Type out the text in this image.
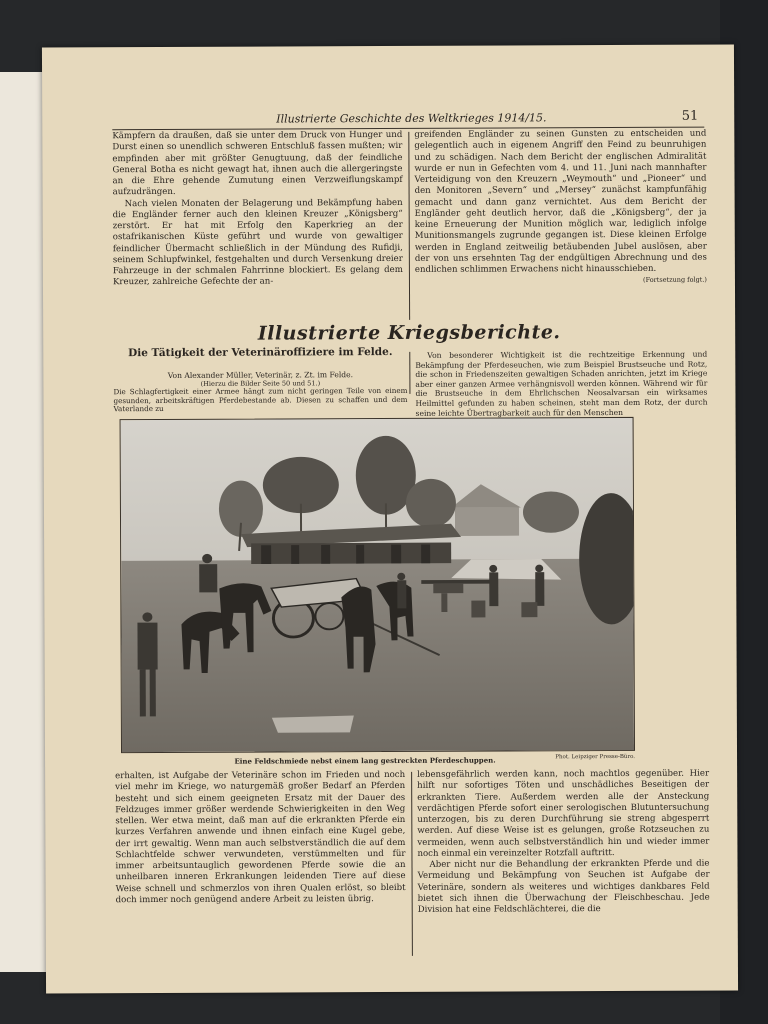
Illustrierte Geschichte des Weltkrieges 1914/15.	51

Kämpfern da draußen, daß sie unter dem Druck von Hunger und Durst einen so unendlich schweren Entschluß fassen mußten; wir empfinden aber mit größter Genugtuung, daß der feindliche General Botha es nicht gewagt hat, ihnen auch die allergeringste an die Ehre gehende Zumutung einen Verzweiflungskampf aufzudrängen.

Nach vielen Monaten der Belagerung und Bekämpfung haben die Engländer ferner auch den kleinen Kreuzer „Königsberg“ zerstört. Er hat mit Erfolg den Kaperkrieg an der ostafrikanischen Küste geführt und wurde von gewaltiger feindlicher Übermacht schließlich in der Mündung des Rufidji, seinem Schlupfwinkel, festgehalten und durch Versenkung dreier Fahrzeuge in der schmalen Fahrrinne blockiert. Es gelang dem Kreuzer, zahlreiche Gefechte der an-

greifenden Engländer zu seinen Gunsten zu entscheiden und gelegentlich auch in eigenem Angriff den Feind zu beunruhigen und zu schädigen. Nach dem Bericht der englischen Admiralität wurde er nun in Gefechten vom 4. und 11. Juni nach mannhafter Verteidigung von den Kreuzern „Weymouth“ und „Pioneer“ und den Monitoren „Severn“ und „Mersey“ zunächst kampfunfähig gemacht und dann ganz vernichtet. Aus dem Bericht der Engländer geht deutlich hervor, daß die „Königsberg“, der ja keine Erneuerung der Munition möglich war, lediglich infolge Munitionsmangels zugrunde gegangen ist. Diese kleinen Erfolge werden in England zeitweilig betäubenden Jubel auslösen, aber der von uns ersehnten Tag der endgültigen Abrechnung und des endlichen schlimmen Erwachens nicht hinausschieben.
(Fortsetzung folgt.)

Illustrierte Kriegsberichte.
Die Tätigkeit der Veterinäroffiziere im Felde.
Von Alexander Müller, Veterinär, z. Zt. im Felde.
(Hierzu die Bilder Seite 50 und 51.)

Von besonderer Wichtigkeit ist die rechtzeitige Erkennung und Bekämpfung der Pferdeseuchen, wie zum Beispiel Brustseuche und Rotz, die schon in Friedenszeiten gewaltigen Schaden anrichten, jetzt im Kriege aber einer ganzen Armee verhängnisvoll werden können. Während wir für die Brustseuche in dem Ehrlichschen Neosalvarsan ein wirksames Heilmittel gefunden zu haben scheinen, steht man dem Rotz, der durch seine leichte Übertragbarkeit auch für den Menschen

Eine Feldschmiede nebst einem lang gestreckten Pferdeschuppen.	Phot. Leipziger Presse-Büro.

erhalten, ist Aufgabe der Veterinäre schon im Frieden und noch viel mehr im Kriege, wo naturgemäß großer Bedarf an Pferden besteht und sich einem geeigneten Ersatz mit der Dauer des Feldzuges immer größer werdende Schwierigkeiten in den Weg stellen. Wer etwa meint, daß man auf die erkrankten Pferde ein kurzes Verfahren anwende und ihnen einfach eine Kugel gebe, der irrt gewaltig. Wenn man auch selbstverständlich die auf dem Schlachtfelde schwer verwundeten, verstümmelten und für immer arbeitsuntauglich gewordenen Pferde sowie die an unheilbaren inneren Erkrankungen leidenden Tiere auf diese Weise schnell und schmerzlos von ihren Qualen erlöst, so bleibt doch immer noch genügend andere Arbeit zu leisten übrig.

lebensgefährlich werden kann, noch machtlos gegenüber. Hier hilft nur sofortiges Töten und unschädliches Beseitigen der erkrankten Tiere. Außerdem werden alle der Ansteckung verdächtigen Pferde sofort einer serologischen Blutuntersuchung unterzogen, bis zu deren Durchführung sie streng abgesperrt werden. Auf diese Weise ist es gelungen, große Rotzseuchen zu vermeiden, wenn auch selbstverständlich hin und wieder immer noch einmal ein vereinzelter Rotzfall auftritt.

Aber nicht nur die Behandlung der erkrankten Pferde und die Vermeidung und Bekämpfung von Seuchen ist Aufgabe der Veterinäre, sondern als weiteres und wichtiges dankbares Feld bietet sich ihnen die Überwachung der Fleischbeschau. Jede Division hat eine Feldschlächterei, die die

Die Schlagfertigkeit einer Armee hängt zum nicht geringen Teile von einem gesunden, arbeitskräftigen Pferdebestande ab. Diesen zu schaffen und dem Vaterlande zu
